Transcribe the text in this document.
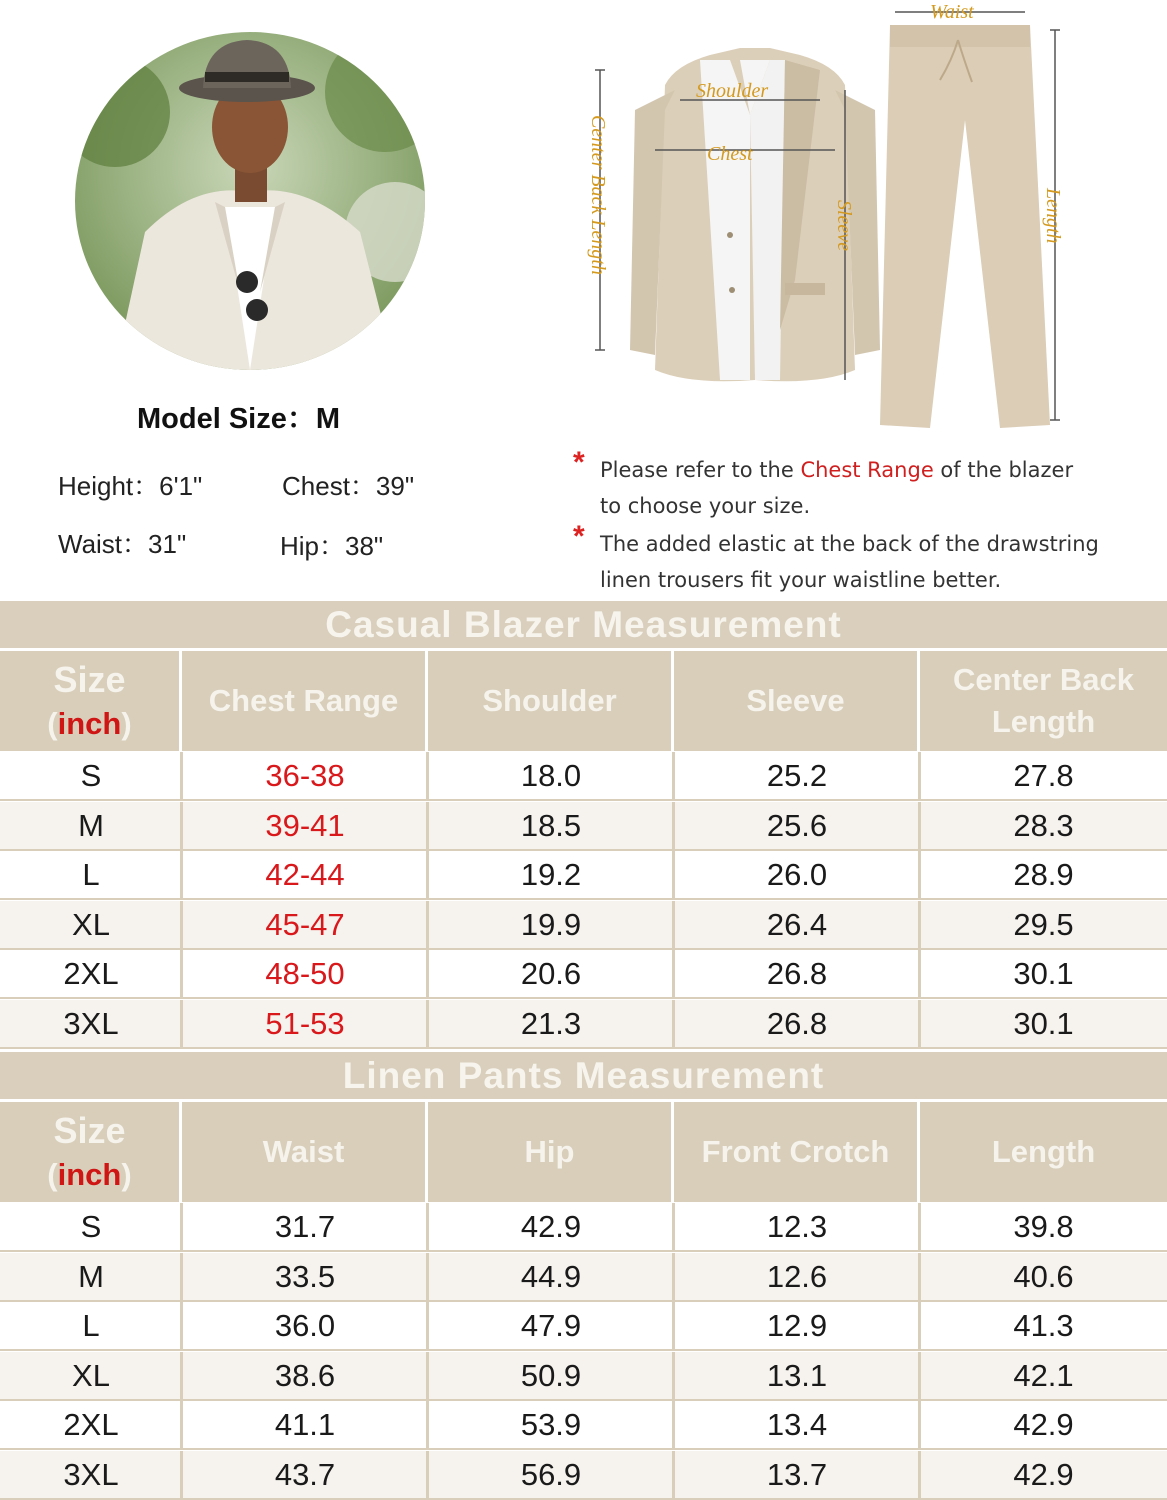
Model Size：M
Height：6'1"	Chest：39"
Waist：31"	Hip：38"
Waist
Shoulder
Chest
Center Back Length	Sleeve	Length
* Please refer to the Chest Range of the blazer
to choose your size.
* The added elastic at the back of the drawstring
linen trousers fit your waistline better.
Casual Blazer Measurement
Size
(inch)
Chest Range	Shoulder	Sleeve
Center Back
Length
S	36-38	18.0	25.2	27.8
M	39-41	18.5	25.6	28.3
L	42-44	19.2	26.0	28.9
XL	45-47	19.9	26.4	29.5
2XL	48-50	20.6	26.8	30.1
3XL	51-53	21.3	26.8	30.1
Linen Pants Measurement
Size
(inch)
Waist	Hip	Front Crotch	Length
S	31.7	42.9	12.3	39.8
M	33.5	44.9	12.6	40.6
L	36.0	47.9	12.9	41.3
XL	38.6	50.9	13.1	42.1
2XL	41.1	53.9	13.4	42.9
3XL	43.7	56.9	13.7	42.9
